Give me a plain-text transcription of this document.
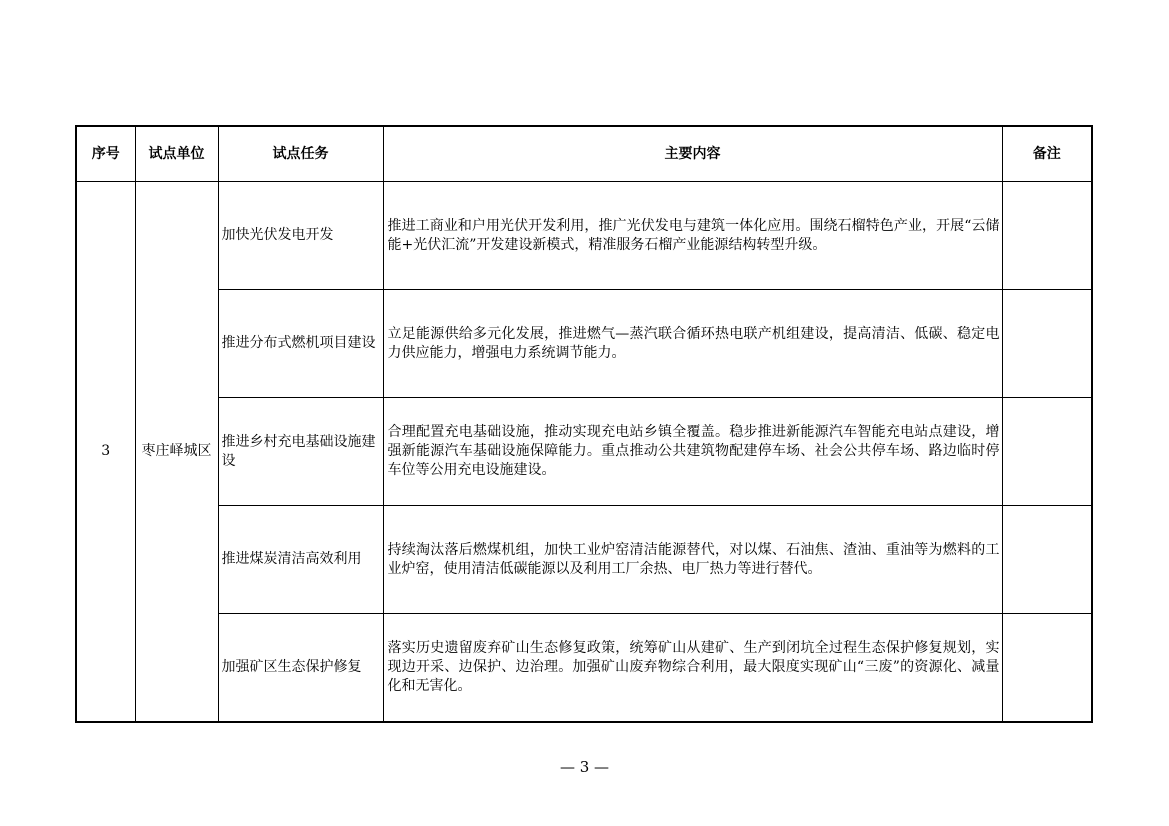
序号	试点单位	试点任务	主要内容	备注
3	枣庄峄城区	加快光伏发电开发	推进工商业和户用光伏开发利用，推广光伏发电与建筑一体化应用。围绕石榴特色产业，开展“云储能+光伏汇流”开发建设新模式，精准服务石榴产业能源结构转型升级。	
		推进分布式燃机项目建设	立足能源供给多元化发展，推进燃气—蒸汽联合循环热电联产机组建设，提高清洁、低碳、稳定电力供应能力，增强电力系统调节能力。	
		推进乡村充电基础设施建设	合理配置充电基础设施，推动实现充电站乡镇全覆盖。稳步推进新能源汽车智能充电站点建设，增强新能源汽车基础设施保障能力。重点推动公共建筑物配建停车场、社会公共停车场、路边临时停车位等公用充电设施建设。	
		推进煤炭清洁高效利用	持续淘汰落后燃煤机组，加快工业炉窑清洁能源替代，对以煤、石油焦、渣油、重油等为燃料的工业炉窑，使用清洁低碳能源以及利用工厂余热、电厂热力等进行替代。	
		加强矿区生态保护修复	落实历史遗留废弃矿山生态修复政策，统筹矿山从建矿、生产到闭坑全过程生态保护修复规划，实现边开采、边保护、边治理。加强矿山废弃物综合利用，最大限度实现矿山“三废”的资源化、减量化和无害化。	
— 3 —
